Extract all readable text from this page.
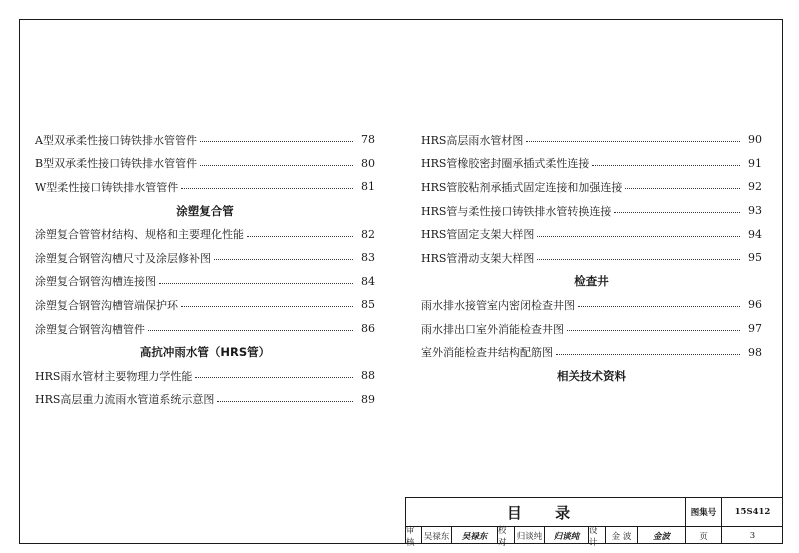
A型双承柔性接口铸铁排水管管件	78
B型双承柔性接口铸铁排水管管件	80
W型柔性接口铸铁排水管管件	81
涂塑复合管
涂塑复合管管材结构、规格和主要理化性能	82
涂塑复合钢管沟槽尺寸及涂层修补图	83
涂塑复合钢管沟槽连接图	84
涂塑复合钢管沟槽管端保护环	85
涂塑复合钢管沟槽管件	86
高抗冲雨水管（HRS管）
HRS雨水管材主要物理力学性能	88
HRS高层重力流雨水管道系统示意图	89
HRS高层雨水管材图	90
HRS管橡胶密封圈承插式柔性连接	91
HRS管胶粘剂承插式固定连接和加强连接	92
HRS管与柔性接口铸铁排水管转换连接	93
HRS管固定支架大样图	94
HRS管滑动支架大样图	95
检查井
雨水排水接管室内密闭检查井图	96
雨水排出口室外消能检查井图	97
室外消能检查井结构配筋图	98
相关技术资料
目 录	图集号	15S412
审核
吴禄东	吴禄东
校对
归谈纯	归谈纯
设计
金 波	金波	页	3
